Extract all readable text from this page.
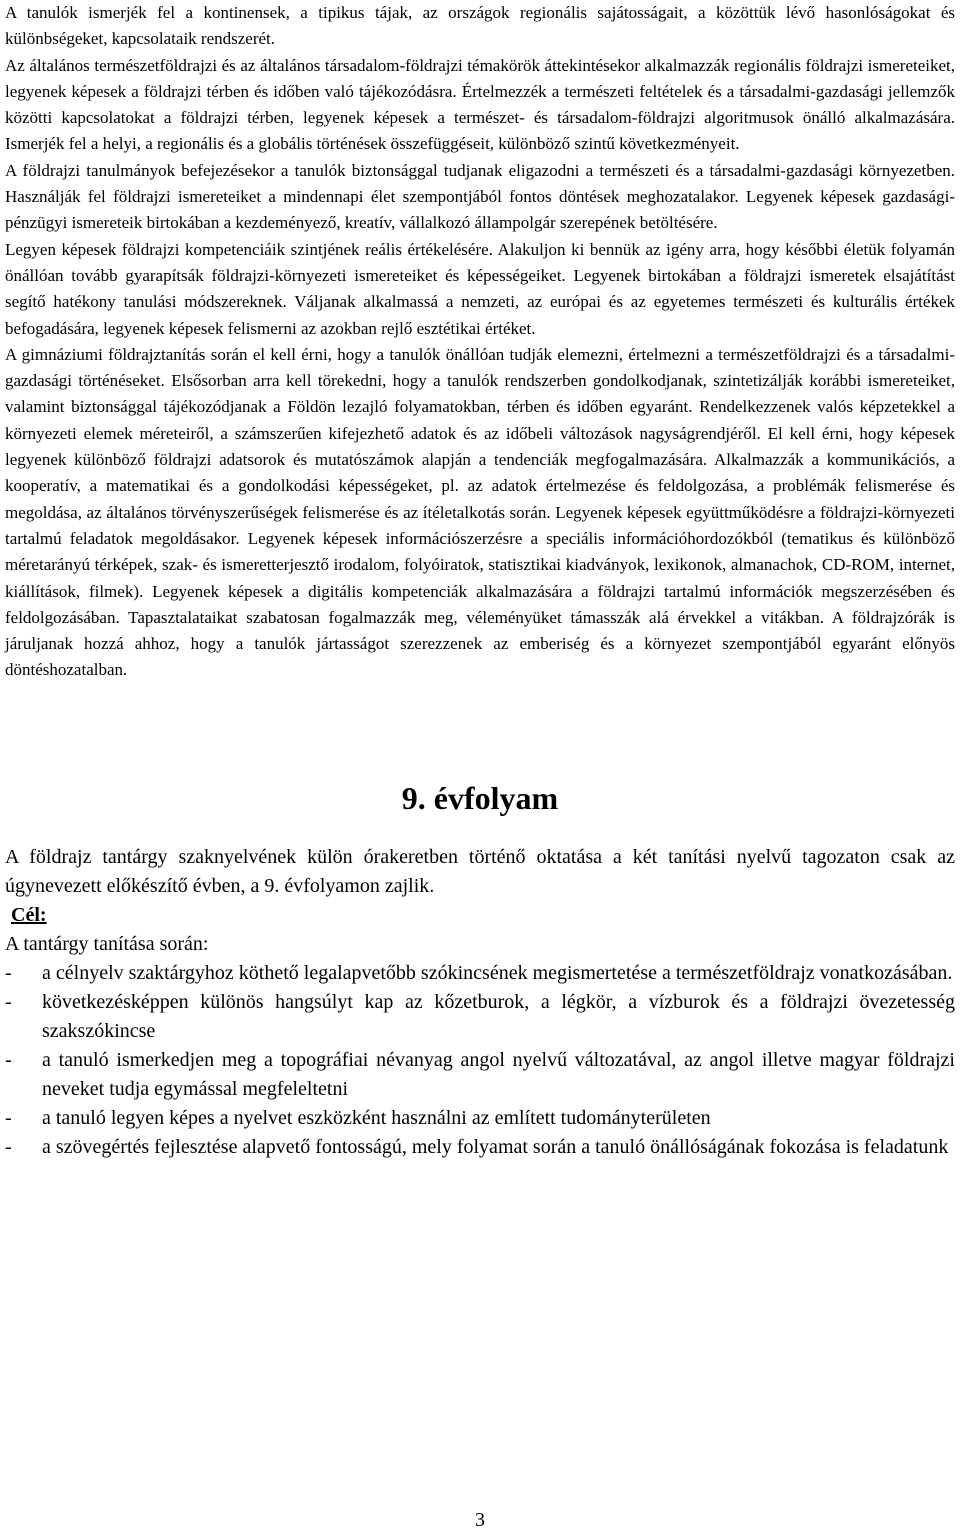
A tanulók ismerjék fel a kontinensek, a tipikus tájak, az országok regionális sajátosságait, a közöttük lévő hasonlóságokat és különbségeket, kapcsolataik rendszerét.

Az általános természetföldrajzi és az általános társadalom-földrajzi témakörök áttekintésekor alkalmazzák regionális földrajzi ismereteiket, legyenek képesek a földrajzi térben és időben való tájékozódásra. Értelmezzék a természeti feltételek és a társadalmi-gazdasági jellemzők közötti kapcsolatokat a földrajzi térben, legyenek képesek a természet- és társadalom-földrajzi algoritmusok önálló alkalmazására. Ismerjék fel a helyi, a regionális és a globális történések összefüggéseit, különböző szintű következményeit.

A földrajzi tanulmányok befejezésekor a tanulók biztonsággal tudjanak eligazodni a természeti és a társadalmi-gazdasági környezetben. Használják fel földrajzi ismereteiket a mindennapi élet szempontjából fontos döntések meghozatalakor. Legyenek képesek gazdasági-pénzügyi ismereteik birtokában a kezdeményező, kreatív, vállalkozó állampolgár szerepének betöltésére.

Legyen képesek földrajzi kompetenciáik szintjének reális értékelésére. Alakuljon ki bennük az igény arra, hogy későbbi életük folyamán önállóan tovább gyarapítsák földrajzi-környezeti ismereteiket és képességeiket. Legyenek birtokában a földrajzi ismeretek elsajátítást segítő hatékony tanulási módszereknek. Váljanak alkalmassá a nemzeti, az európai és az egyetemes természeti és kulturális értékek befogadására, legyenek képesek felismerni az azokban rejlő esztétikai értéket.

A gimnáziumi földrajztanítás során el kell érni, hogy a tanulók önállóan tudják elemezni, értelmezni a természetföldrajzi és a társadalmi-gazdasági történéseket. Elsősorban arra kell törekedni, hogy a tanulók rendszerben gondolkodjanak, szintetizálják korábbi ismereteiket, valamint biztonsággal tájékozódjanak a Földön lezajló folyamatokban, térben és időben egyaránt. Rendelkezzenek valós képzetekkel a környezeti elemek méreteiről, a számszerűen kifejezhető adatok és az időbeli változások nagyságrendjéről. El kell érni, hogy képesek legyenek különböző földrajzi adatsorok és mutatószámok alapján a tendenciák megfogalmazására. Alkalmazzák a kommunikációs, a kooperatív, a matematikai és a gondolkodási képességeket, pl. az adatok értelmezése és feldolgozása, a problémák felismerése és megoldása, az általános törvényszerűségek felismerése és az ítéletalkotás során. Legyenek képesek együttműködésre a földrajzi-környezeti tartalmú feladatok megoldásakor. Legyenek képesek információszerzésre a speciális információhordozókból (tematikus és különböző méretarányú térképek, szak- és ismeretterjesztő irodalom, folyóiratok, statisztikai kiadványok, lexikonok, almanachok, CD-ROM, internet, kiállítások, filmek). Legyenek képesek a digitális kompetenciák alkalmazására a földrajzi tartalmú információk megszerzésében és feldolgozásában. Tapasztalataikat szabatosan fogalmazzák meg, véleményüket támasszák alá érvekkel a vitákban. A földrajzórák is járuljanak hozzá ahhoz, hogy a tanulók jártasságot szerezzenek az emberiség és a környezet szempontjából egyaránt előnyös döntéshozatalban.

9. évfolyam

A földrajz tantárgy szaknyelvének külön órakeretben történő oktatása a két tanítási nyelvű tagozaton csak az úgynevezett előkészítő évben, a 9. évfolyamon zajlik.

Cél:
A tantárgy tanítása során:
- a célnyelv szaktárgyhoz köthető legalapvetőbb szókincsének megismertetése a természetföldrajz vonatkozásában.
- következésképpen különös hangsúlyt kap az kőzetburok, a légkör, a vízburok és a földrajzi övezetesség szakszókincse
- a tanuló ismerkedjen meg a topográfiai névanyag angol nyelvű változatával, az angol illetve magyar földrajzi neveket tudja egymással megfeleltetni
- a tanuló legyen képes a nyelvet eszközként használni az említett tudományterületen
- a szövegértés fejlesztése alapvető fontosságú, mely folyamat során a tanuló önállóságának fokozása is feladatunk
3
